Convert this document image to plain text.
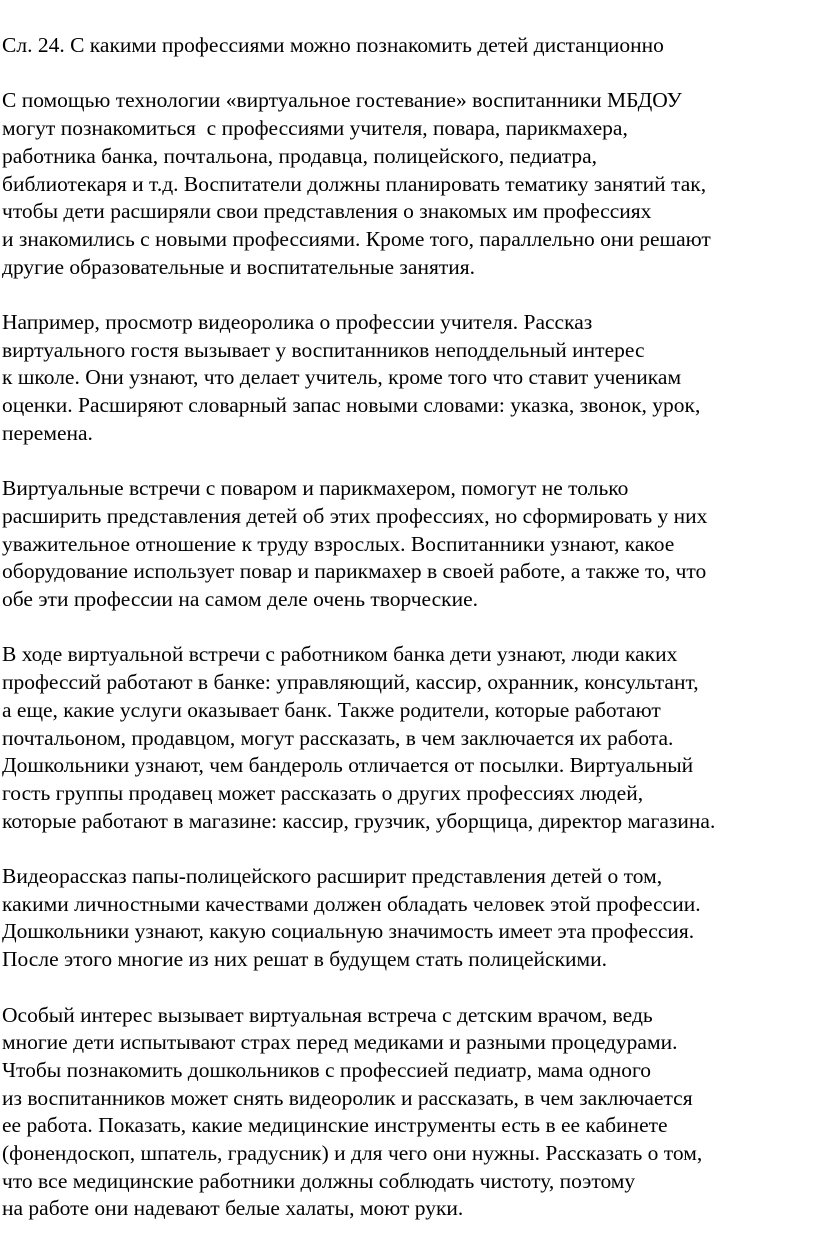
Сл. 24. С какими профессиями можно познакомить детей дистанционно
С помощью технологии «виртуальное гостевание» воспитанники МБДОУ
могут познакомиться  с профессиями учителя, повара, парикмахера,
работника банка, почтальона, продавца, полицейского, педиатра,
библиотекаря и т.д. Воспитатели должны планировать тематику занятий так,
чтобы дети расширяли свои представления о знакомых им профессиях
и знакомились с новыми профессиями. Кроме того, параллельно они решают
другие образовательные и воспитательные занятия.
Например, просмотр видеоролика о профессии учителя. Рассказ
виртуального гостя вызывает у воспитанников неподдельный интерес
к школе. Они узнают, что делает учитель, кроме того что ставит ученикам
оценки. Расширяют словарный запас новыми словами: указка, звонок, урок,
перемена.
Виртуальные встречи с поваром и парикмахером, помогут не только
расширить представления детей об этих профессиях, но сформировать у них
уважительное отношение к труду взрослых. Воспитанники узнают, какое
оборудование использует повар и парикмахер в своей работе, а также то, что
обе эти профессии на самом деле очень творческие.
В ходе виртуальной встречи с работником банка дети узнают, люди каких
профессий работают в банке: управляющий, кассир, охранник, консультант,
а еще, какие услуги оказывает банк. Также родители, которые работают
почтальоном, продавцом, могут рассказать, в чем заключается их работа.
Дошкольники узнают, чем бандероль отличается от посылки. Виртуальный
гость группы продавец может рассказать о других профессиях людей,
которые работают в магазине: кассир, грузчик, уборщица, директор магазина.
Видеорассказ папы-полицейского расширит представления детей о том,
какими личностными качествами должен обладать человек этой профессии.
Дошкольники узнают, какую социальную значимость имеет эта профессия.
После этого многие из них решат в будущем стать полицейскими.
Особый интерес вызывает виртуальная встреча с детским врачом, ведь
многие дети испытывают страх перед медиками и разными процедурами.
Чтобы познакомить дошкольников с профессией педиатр, мама одного
из воспитанников может снять видеоролик и рассказать, в чем заключается
ее работа. Показать, какие медицинские инструменты есть в ее кабинете
(фонендоскоп, шпатель, градусник) и для чего они нужны. Рассказать о том,
что все медицинские работники должны соблюдать чистоту, поэтому
на работе они надевают белые халаты, моют руки.
